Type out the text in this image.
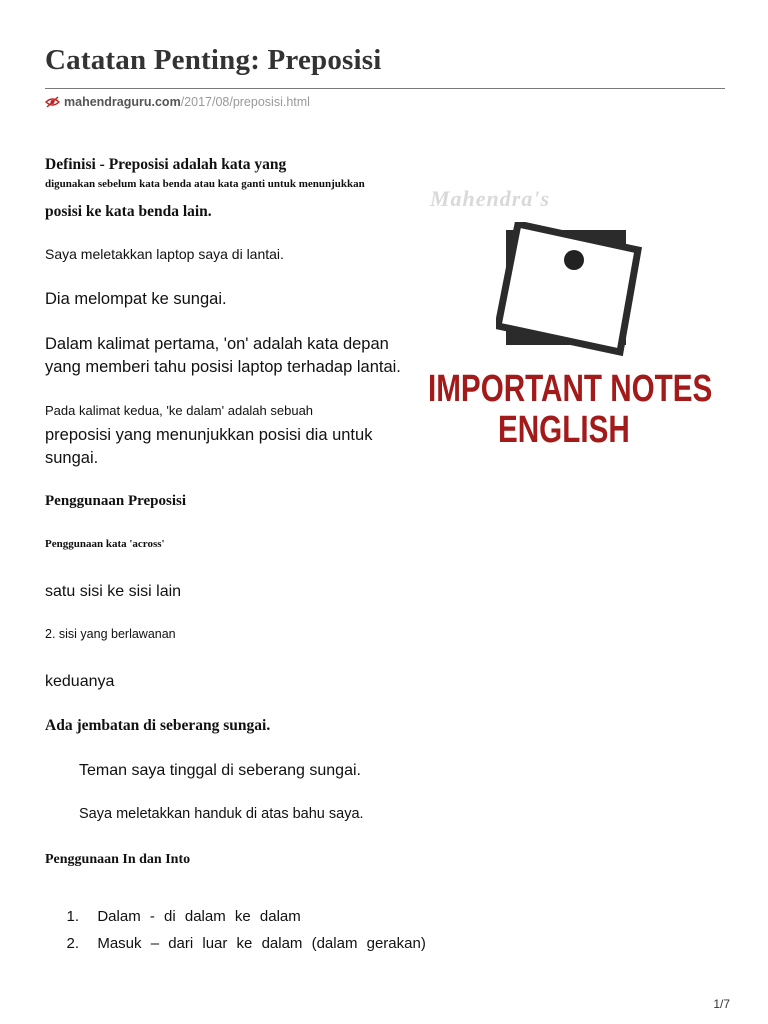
Catatan Penting: Preposisi
mahendraguru.com /2017/08/preposisi.html
Definisi - Preposisi adalah kata yang
digunakan sebelum kata benda atau kata ganti untuk menunjukkan
posisi ke kata benda lain.
Saya meletakkan laptop saya di lantai.
Dia melompat ke sungai.
Dalam kalimat pertama, 'on' adalah kata depan yang memberi tahu posisi laptop terhadap lantai.
Pada kalimat kedua, 'ke dalam' adalah sebuah
preposisi yang menunjukkan posisi dia untuk sungai.
Penggunaan Preposisi
Penggunaan kata 'across'
satu sisi ke sisi lain
2. sisi yang berlawanan
keduanya
Ada jembatan di seberang sungai.
Teman saya tinggal di seberang sungai.
Saya meletakkan handuk di atas bahu saya.
Penggunaan In dan Into
1. Dalam - di dalam ke dalam
2. Masuk – dari luar ke dalam (dalam gerakan)
Mahendra's
IMPORTANT NOTES
ENGLISH
1/7
